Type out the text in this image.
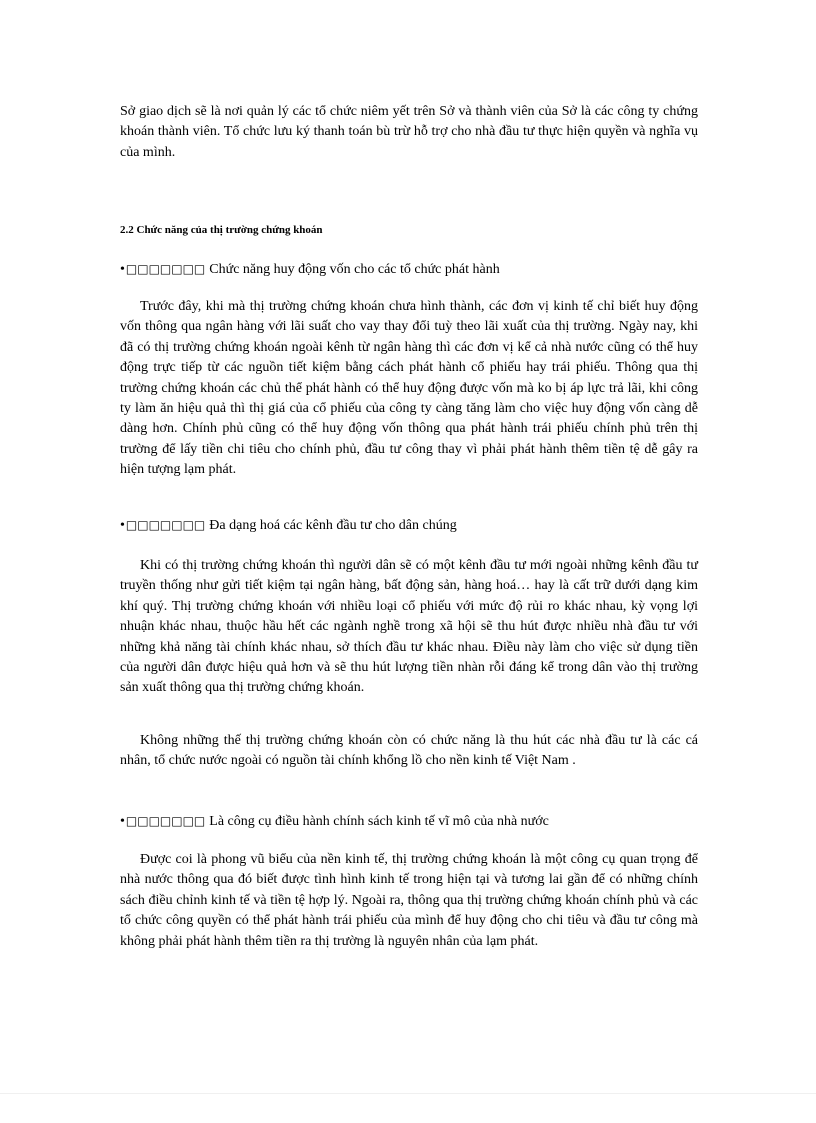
Sở giao dịch sẽ là nơi quản lý các tổ chức niêm yết trên Sở và thành viên của Sở là các công ty chứng khoán thành viên. Tổ chức lưu ký thanh toán bù trừ hỗ trợ cho nhà đầu tư thực hiện quyền và nghĩa vụ của mình.
2.2 Chức năng của thị trường chứng khoán
•□□□□□□□ Chức năng huy động vốn cho các tổ chức phát hành
Trước đây, khi mà thị trường chứng khoán chưa hình thành, các đơn vị kinh tế chỉ biết huy động vốn thông qua ngân hàng với lãi suất cho vay thay đổi tuỳ theo lãi xuất của thị trường. Ngày nay, khi đã có thị trường chứng khoán ngoài kênh từ ngân hàng thì các đơn vị kể cả nhà nước cũng có thể huy động trực tiếp từ các nguồn tiết kiệm bằng cách phát hành cổ phiếu hay trái phiếu. Thông qua thị trường chứng khoán các chủ thể phát hành có thể huy động được vốn mà ko bị áp lực trả lãi, khi công ty làm ăn hiệu quả thì thị giá của cổ phiếu của công ty càng tăng làm cho việc huy động vốn càng dễ dàng hơn. Chính phủ cũng có thể huy động vốn thông qua phát hành trái phiếu chính phủ trên thị trường để lấy tiền chi tiêu cho chính phủ, đầu tư công thay vì phải phát hành thêm tiền tệ dễ gây ra hiện tượng lạm phát.
•□□□□□□□ Đa dạng hoá các kênh đầu tư cho dân chúng
Khi có thị trường chứng khoán thì người dân sẽ có một kênh đầu tư mới ngoài những kênh đầu tư truyền thống như gửi tiết kiệm tại ngân hàng, bất động sản, hàng hoá… hay là cất trữ dưới dạng kim khí quý. Thị trường chứng khoán với nhiều loại cổ phiếu với mức độ rủi ro khác nhau, kỳ vọng lợi nhuận khác nhau, thuộc hầu hết các ngành nghề trong xã hội sẽ thu hút được nhiều nhà đầu tư với những khả năng tài chính khác nhau, sở thích đầu tư khác nhau. Điều này làm cho việc sử dụng tiền của người dân được hiệu quả hơn và sẽ thu hút lượng tiền nhàn rỗi đáng kể trong dân vào thị trường sản xuất thông qua thị trường chứng khoán.
Không những thế thị trường chứng khoán còn có chức năng là thu hút các nhà đầu tư là các cá nhân, tổ chức nước ngoài có nguồn tài chính khổng lồ cho nền kinh tế Việt Nam .
•□□□□□□□ Là công cụ điều hành chính sách kinh tế vĩ mô của nhà nước
Được coi là phong vũ biểu của nền kinh tế, thị trường chứng khoán là một công cụ quan trọng để nhà nước thông qua đó biết được tình hình kinh tế trong hiện tại và tương lai gần để có những chính sách điều chỉnh kinh tế và tiền tệ hợp lý. Ngoài ra, thông qua thị trường chứng khoán chính phủ và các tổ chức công quyền có thể phát hành trái phiếu của mình để huy động cho chi tiêu và đầu tư công mà không phải phát hành thêm tiền ra thị trường là nguyên nhân của lạm phát.
